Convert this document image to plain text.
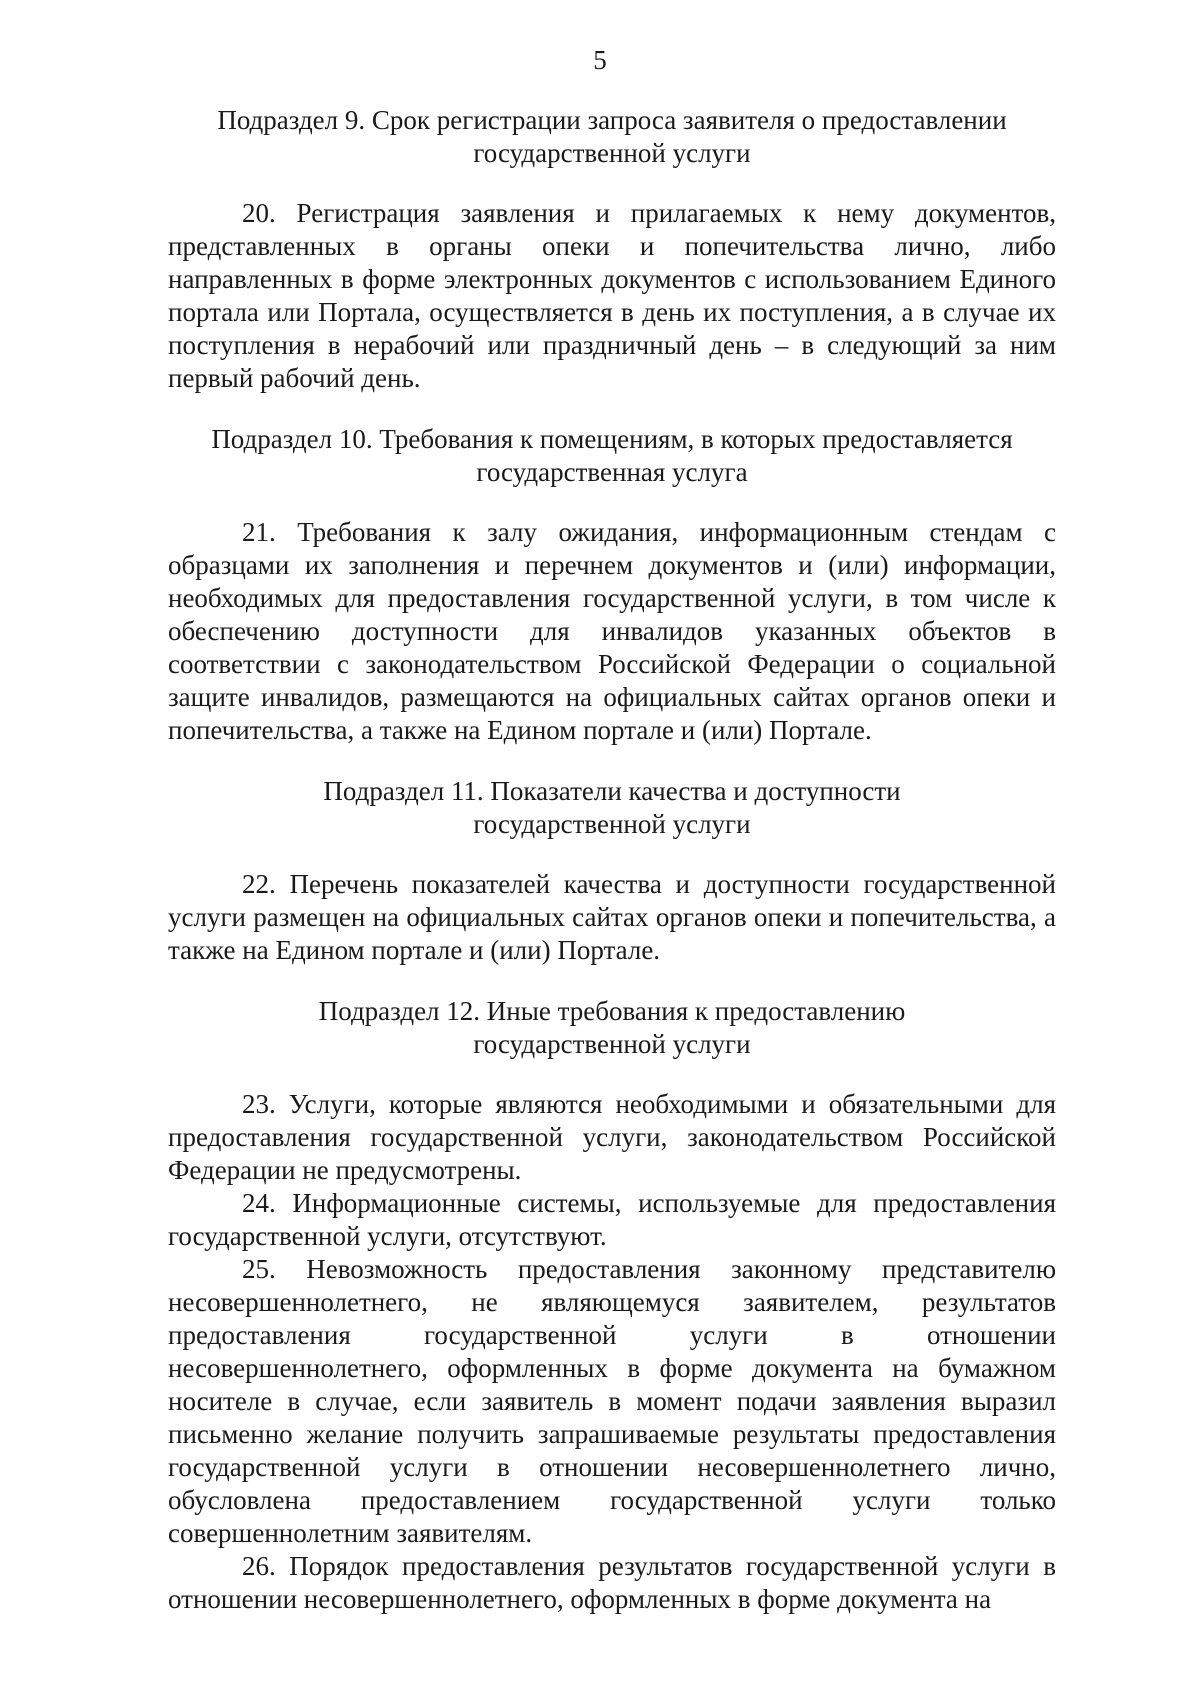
5
Подраздел 9. Срок регистрации запроса заявителя о предоставлении
государственной услуги

20. Регистрация заявления и прилагаемых к нему документов, представленных в органы опеки и попечительства лично, либо направленных в форме электронных документов с использованием Единого портала или Портала, осуществляется в день их поступления, а в случае их поступления в нерабочий или праздничный день – в следующий за ним первый рабочий день.

Подраздел 10. Требования к помещениям, в которых предоставляется
государственная услуга

21. Требования к залу ожидания, информационным стендам с образцами их заполнения и перечнем документов и (или) информации, необходимых для предоставления государственной услуги, в том числе к обеспечению доступности для инвалидов указанных объектов в соответствии с законодательством Российской Федерации о социальной защите инвалидов, размещаются на официальных сайтах органов опеки и попечительства, а также на Едином портале и (или) Портале.

Подраздел 11. Показатели качества и доступности
государственной услуги

22. Перечень показателей качества и доступности государственной услуги размещен на официальных сайтах органов опеки и попечительства, а также на Едином портале и (или) Портале.

Подраздел 12. Иные требования к предоставлению
государственной услуги

23. Услуги, которые являются необходимыми и обязательными для предоставления государственной услуги, законодательством Российской Федерации не предусмотрены.

24. Информационные системы, используемые для предоставления государственной услуги, отсутствуют.

25. Невозможность предоставления законному представителю несовершеннолетнего, не являющемуся заявителем, результатов предоставления государственной услуги в отношении несовершеннолетнего, оформленных в форме документа на бумажном носителе в случае, если заявитель в момент подачи заявления выразил письменно желание получить запрашиваемые результаты предоставления государственной услуги в отношении несовершеннолетнего лично, обусловлена предоставлением государственной услуги только совершеннолетним заявителям.

26. Порядок предоставления результатов государственной услуги в отношении несовершеннолетнего, оформленных в форме документа на
